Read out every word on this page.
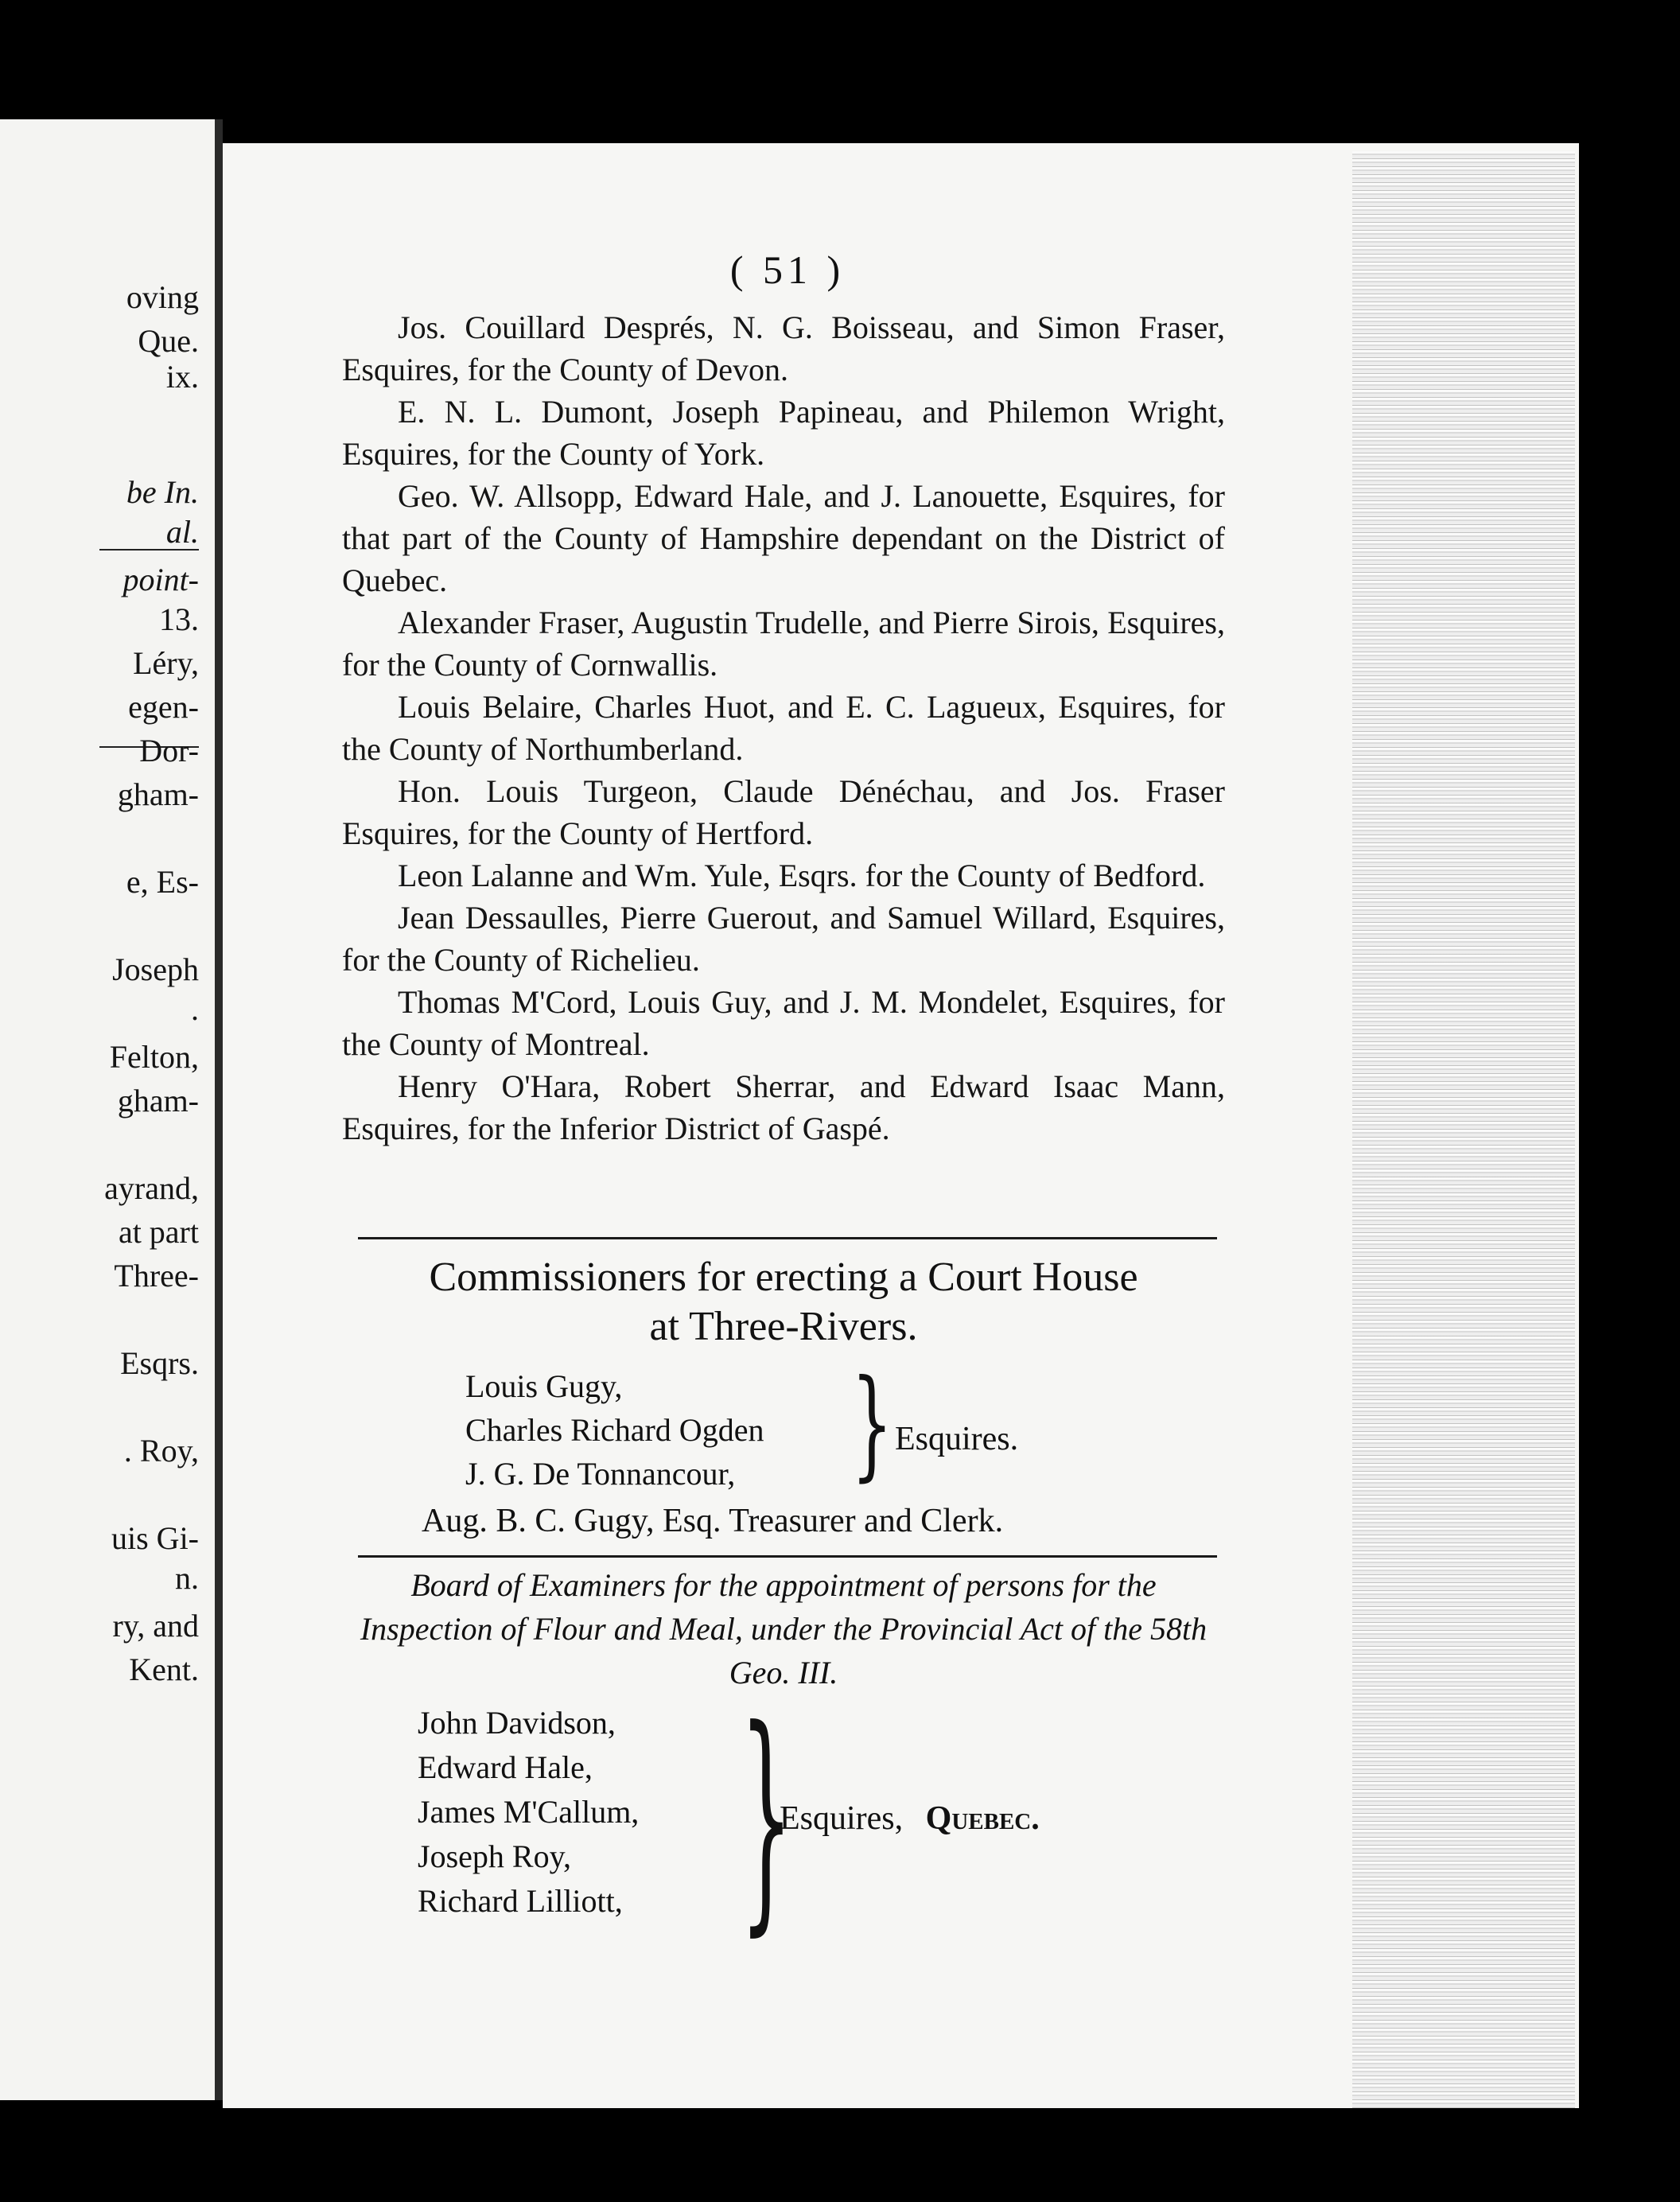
oving
Que.
ix.
be In.
al.
point-
13.
Léry,
egen-
Dor-
gham-
e, Es-
Joseph
.
Felton,
gham-
ayrand,
at part
Three-
Esqrs.
. Roy,
uis Gi-
n.
ry, and
Kent.
( 51 )

Jos. Couillard Després, N. G. Boisseau, and Simon Fraser, Esquires, for the County of Devon.

E. N. L. Dumont, Joseph Papineau, and Philemon Wright, Esquires, for the County of York.

Geo. W. Allsopp, Edward Hale, and J. Lanouette, Esquires, for that part of the County of Hampshire dependant on the District of Quebec.

Alexander Fraser, Augustin Trudelle, and Pierre Sirois, Esquires, for the County of Cornwallis.

Louis Belaire, Charles Huot, and E. C. Lagueux, Esquires, for the County of Northumberland.

Hon. Louis Turgeon, Claude Dénéchau, and Jos. Fraser Esquires, for the County of Hertford.

Leon Lalanne and Wm. Yule, Esqrs. for the County of Bedford.

Jean Dessaulles, Pierre Guerout, and Samuel Willard, Esquires, for the County of Richelieu.

Thomas M'Cord, Louis Guy, and J. M. Mondelet, Esquires, for the County of Montreal.

Henry O'Hara, Robert Sherrar, and Edward Isaac Mann, Esquires, for the Inferior District of Gaspé.

Commissioners for erecting a Court House
at Three-Rivers.
Louis Gugy,
Charles Richard Ogden
J. G. De Tonnancour, } Esquires.
Aug. B. C. Gugy, Esq. Treasurer and Clerk.
Board of Examiners for the appointment of persons for the Inspection of Flour and Meal, under the Provincial Act of the 58th Geo. III.
John Davidson,
Edward Hale,
James M'Callum,
Joseph Roy,
Richard Lilliott, }
Esquires, Quebec.
